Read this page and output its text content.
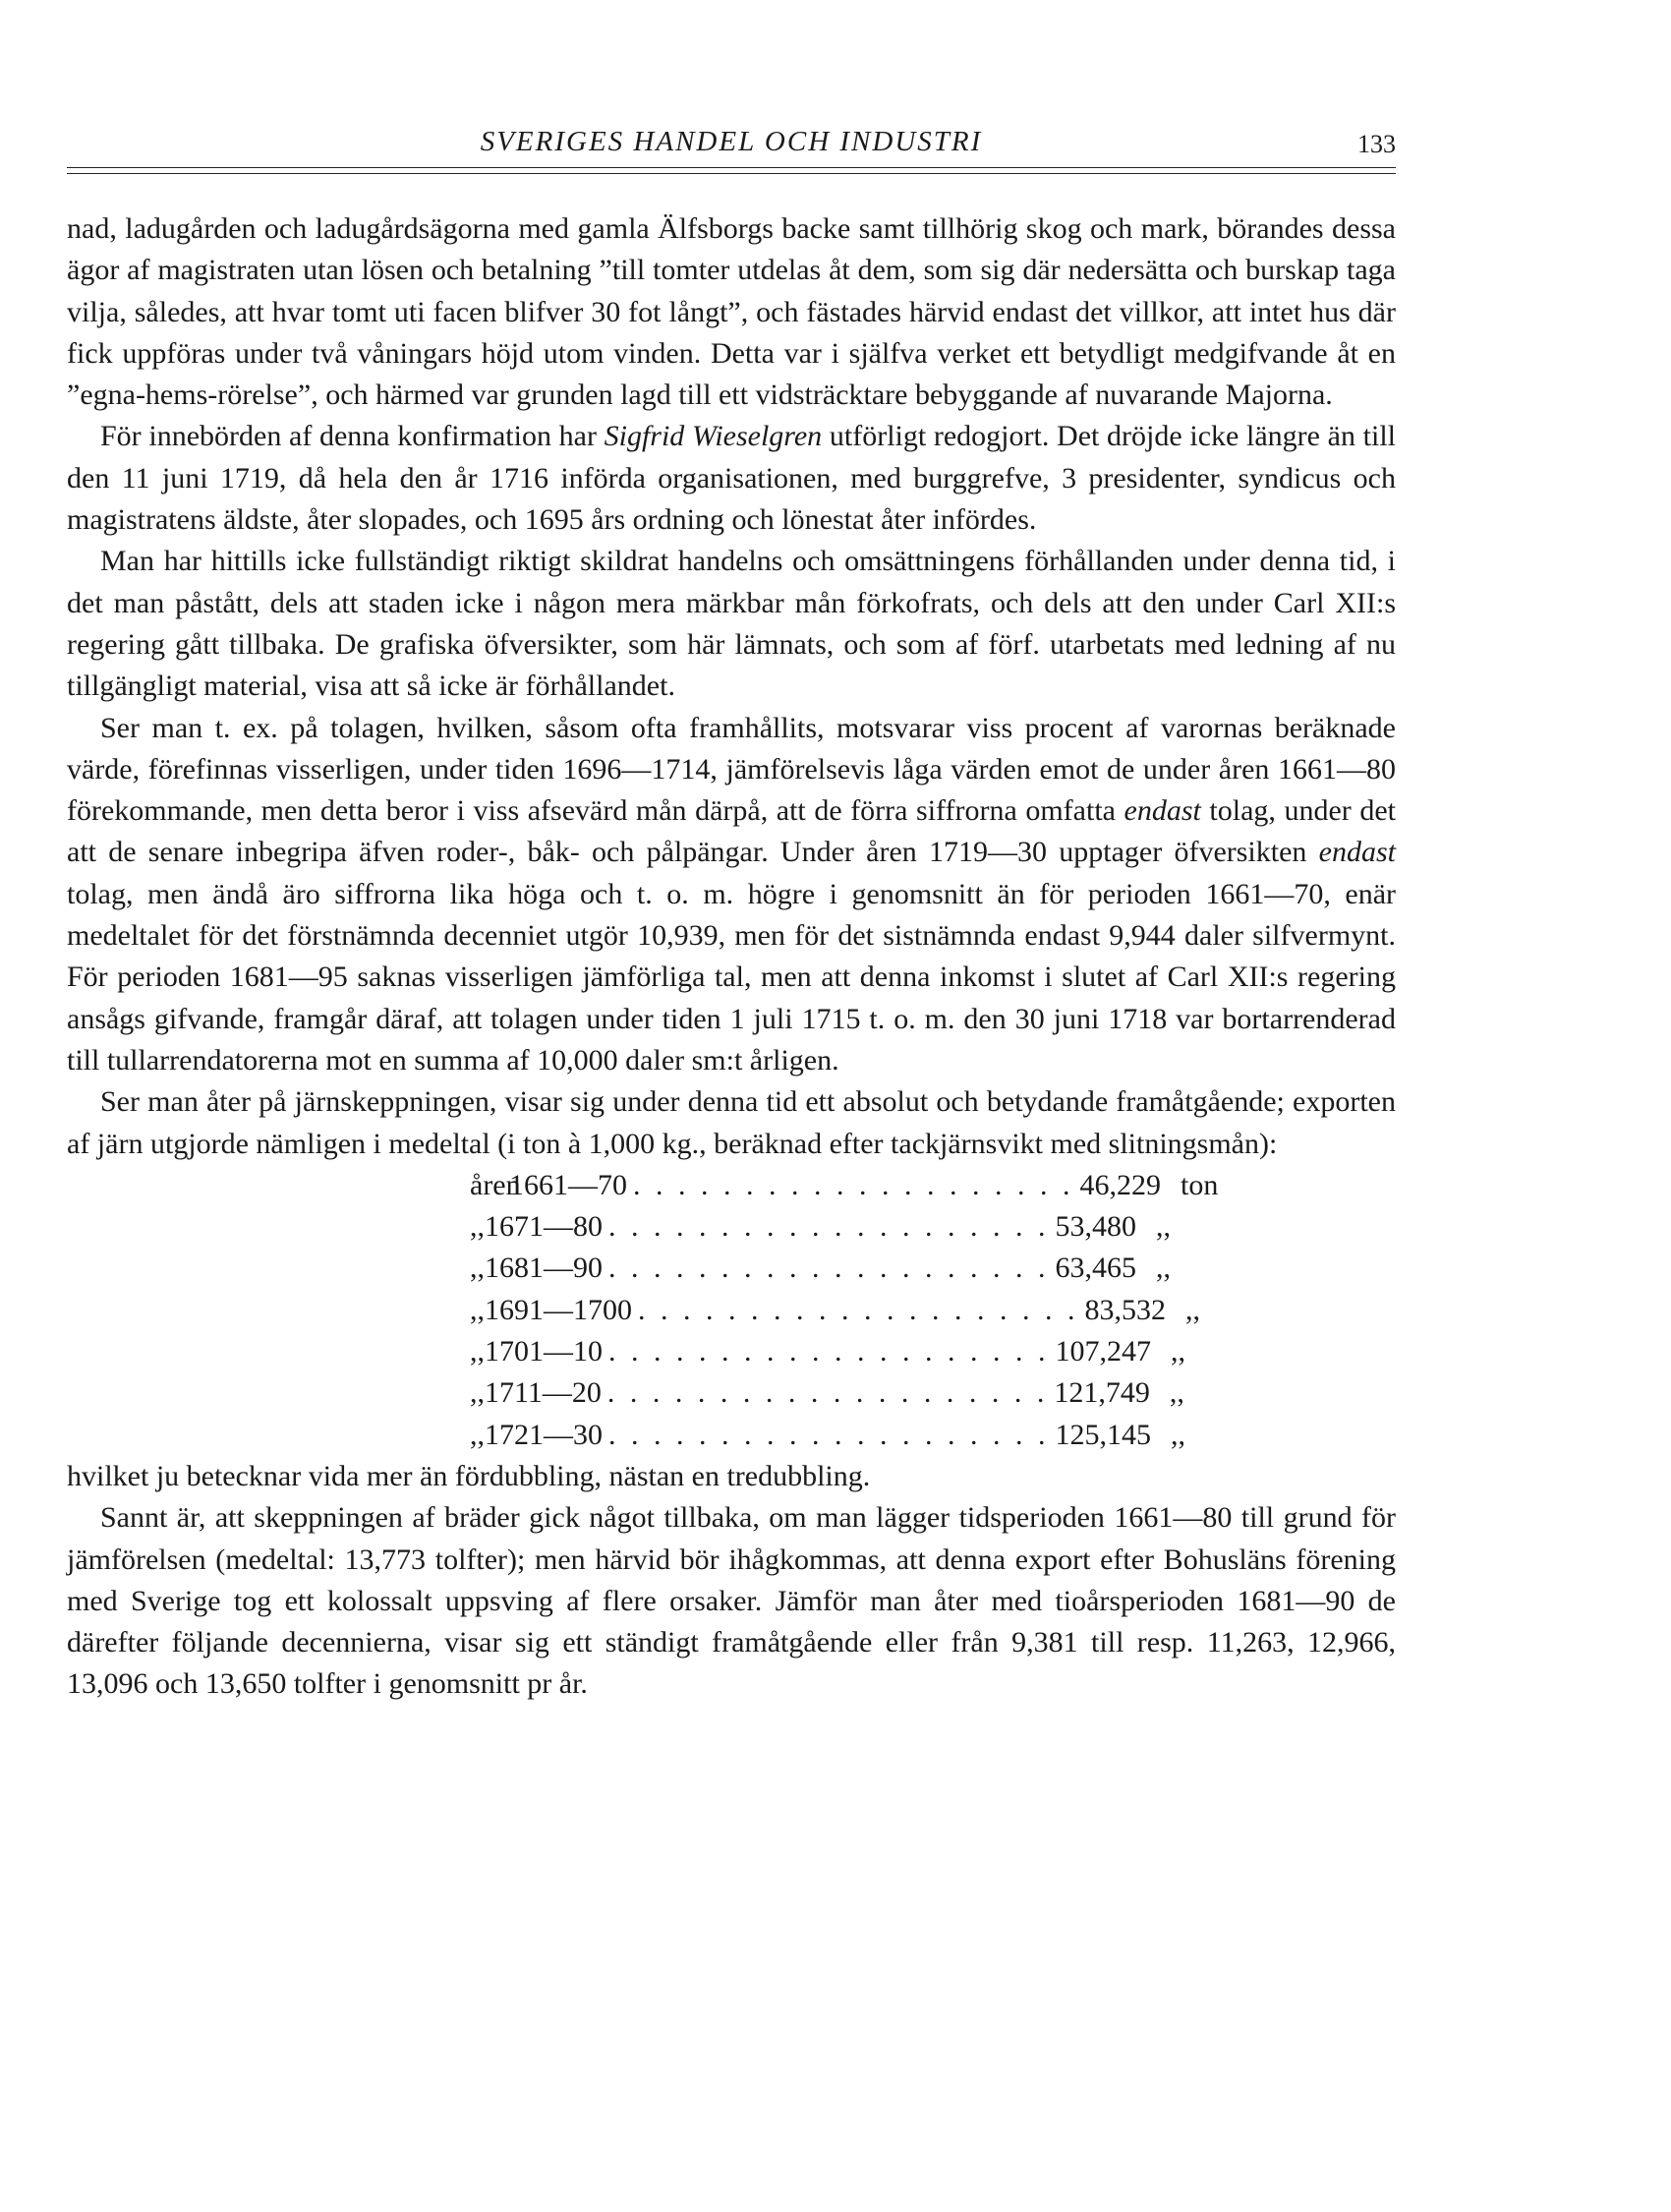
SVERIGES HANDEL OCH INDUSTRI	133

nad, ladugården och ladugårdsägorna med gamla Älfsborgs backe samt tillhörig skog och mark, börandes dessa ägor af magistraten utan lösen och betalning ”till tomter utdelas åt dem, som sig där nedersätta och burskap taga vilja, således, att hvar tomt uti facen blifver 30 fot långt”, och fästades härvid endast det villkor, att intet hus där fick uppföras under två våningars höjd utom vinden. Detta var i själfva verket ett betydligt medgifvande åt en ”egna-hems-rörelse”, och härmed var grunden lagd till ett vidsträcktare bebyggande af nuvarande Majorna.

För innebörden af denna konfirmation har Sigfrid Wieselgren utförligt redogjort. Det dröjde icke längre än till den 11 juni 1719, då hela den år 1716 införda organisationen, med burggrefve, 3 presidenter, syndicus och magistratens äldste, åter slopades, och 1695 års ordning och lönestat åter infördes.

Man har hittills icke fullständigt riktigt skildrat handelns och omsättningens förhållanden under denna tid, i det man påstått, dels att staden icke i någon mera märkbar mån förkofrats, och dels att den under Carl XII:s regering gått tillbaka. De grafiska öfversikter, som här lämnats, och som af förf. utarbetats med ledning af nu tillgängligt material, visa att så icke är förhållandet.

Ser man t. ex. på tolagen, hvilken, såsom ofta framhållits, motsvarar viss procent af varornas beräknade värde, förefinnas visserligen, under tiden 1696—1714, jämförelsevis låga värden emot de under åren 1661—80 förekommande, men detta beror i viss afsevärd mån därpå, att de förra siffrorna omfatta endast tolag, under det att de senare inbegripa äfven roder-, båk- och pålpängar. Under åren 1719—30 upptager öfversikten endast tolag, men ändå äro siffrorna lika höga och t. o. m. högre i genomsnitt än för perioden 1661—70, enär medeltalet för det förstnämnda decenniet utgör 10,939, men för det sistnämnda endast 9,944 daler silfvermynt. För perioden 1681—95 saknas visserligen jämförliga tal, men att denna inkomst i slutet af Carl XII:s regering ansågs gifvande, framgår däraf, att tolagen under tiden 1 juli 1715 t. o. m. den 30 juni 1718 var bortarrenderad till tullarrendatorerna mot en summa af 10,000 daler sm:t årligen.

Ser man åter på järnskeppningen, visar sig under denna tid ett absolut och betydande framåtgående; exporten af järn utgjorde nämligen i medeltal (i ton à 1,000 kg., beräknad efter tackjärnsvikt med slitningsmån):

åren
1661—70 . . . . . . . . . . . . . . . . . . . . 46,229 ton
,, 1671—80 . . . . . . . . . . . . . . . . . . . . 53,480 ,,
,, 1681—90 . . . . . . . . . . . . . . . . . . . . 63,465 ,,
,, 1691—1700 . . . . . . . . . . . . . . . . . . . . 83,532 ,,
,, 1701—10 . . . . . . . . . . . . . . . . . . . . 107,247 ,,
,, 1711—20 . . . . . . . . . . . . . . . . . . . . 121,749 ,,
,, 1721—30 . . . . . . . . . . . . . . . . . . . . 125,145 ,,

hvilket ju betecknar vida mer än fördubbling, nästan en tredubbling.

Sannt är, att skeppningen af bräder gick något tillbaka, om man lägger tidsperioden 1661—80 till grund för jämförelsen (medeltal: 13,773 tolfter); men härvid bör ihågkommas, att denna export efter Bohusläns förening med Sverige tog ett kolossalt uppsving af flere orsaker. Jämför man åter med tioårsperioden 1681—90 de därefter följande decennierna, visar sig ett ständigt framåtgående eller från 9,381 till resp. 11,263, 12,966, 13,096 och 13,650 tolfter i genomsnitt pr år.
